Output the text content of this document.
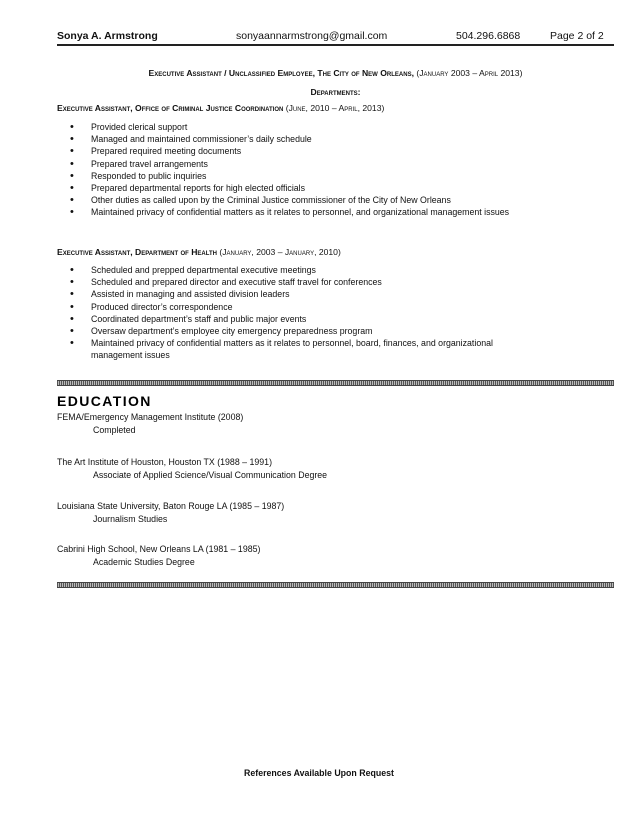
Sonya A. Armstrong	sonyaannarmstrong@gmail.com	504.296.6868	Page 2 of 2
Executive Assistant / Unclassified Employee, The City of New Orleans, (January 2003 – April 2013)
Departments:
Executive Assistant, Office of Criminal Justice Coordination (June, 2010 – April, 2013)
• Provided clerical support
• Managed and maintained commissioner’s daily schedule
• Prepared required meeting documents
• Prepared travel arrangements
• Responded to public inquiries
• Prepared departmental reports for high elected officials
• Other duties as called upon by the Criminal Justice commissioner of the City of New Orleans
• Maintained privacy of confidential matters as it relates to personnel, and organizational management issues
Executive Assistant, Department of Health (January, 2003 – January, 2010)
• Scheduled and prepped departmental executive meetings
• Scheduled and prepared director and executive staff travel for conferences
• Assisted in managing and assisted division leaders
• Produced director’s correspondence
• Coordinated department’s staff and public major events
• Oversaw department’s employee city emergency preparedness program
• Maintained privacy of confidential matters as it relates to personnel, board, finances, and organizational management issues
EDUCATION
FEMA/Emergency Management Institute (2008)
Completed
The Art Institute of Houston, Houston TX (1988 – 1991)
Associate of Applied Science/Visual Communication Degree
Louisiana State University, Baton Rouge LA (1985 – 1987)
Journalism Studies
Cabrini High School, New Orleans LA (1981 – 1985)
Academic Studies Degree
References Available Upon Request
